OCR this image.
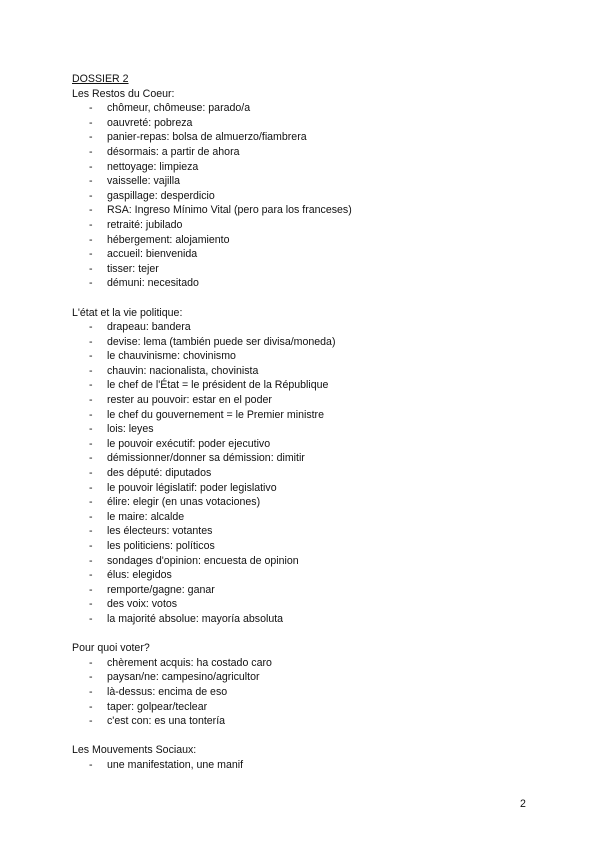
DOSSIER 2
Les Restos du Coeur:
- chômeur, chômeuse: parado/a
- oauvreté: pobreza
- panier-repas: bolsa de almuerzo/fiambrera
- désormais: a partir de ahora
- nettoyage: limpieza
- vaisselle: vajilla
- gaspillage: desperdicio
- RSA: Ingreso Mínimo Vital (pero para los franceses)
- retraité: jubilado
- hébergement: alojamiento
- accueil: bienvenida
- tisser: tejer
- démuni: necesitado
L'état et la vie politique:
- drapeau: bandera
- devise: lema (también puede ser divisa/moneda)
- le chauvinisme: chovinismo
- chauvin: nacionalista, chovinista
- le chef de l'État = le président de la République
- rester au pouvoir: estar en el poder
- le chef du gouvernement = le Premier ministre
- lois: leyes
- le pouvoir exécutif: poder ejecutivo
- démissionner/donner sa démission: dimitir
- des député: diputados
- le pouvoir législatif: poder legislativo
- élire: elegir (en unas votaciones)
- le maire: alcalde
- les électeurs: votantes
- les politiciens: políticos
- sondages d'opinion: encuesta de opinion
- élus: elegidos
- remporte/gagne: ganar
- des voix: votos
- la majorité absolue: mayoría absoluta
Pour quoi voter?
- chèrement acquis: ha costado caro
- paysan/ne: campesino/agricultor
- là-dessus: encima de eso
- taper: golpear/teclear
- c'est con: es una tontería
Les Mouvements Sociaux:
- une manifestation, une manif
2
